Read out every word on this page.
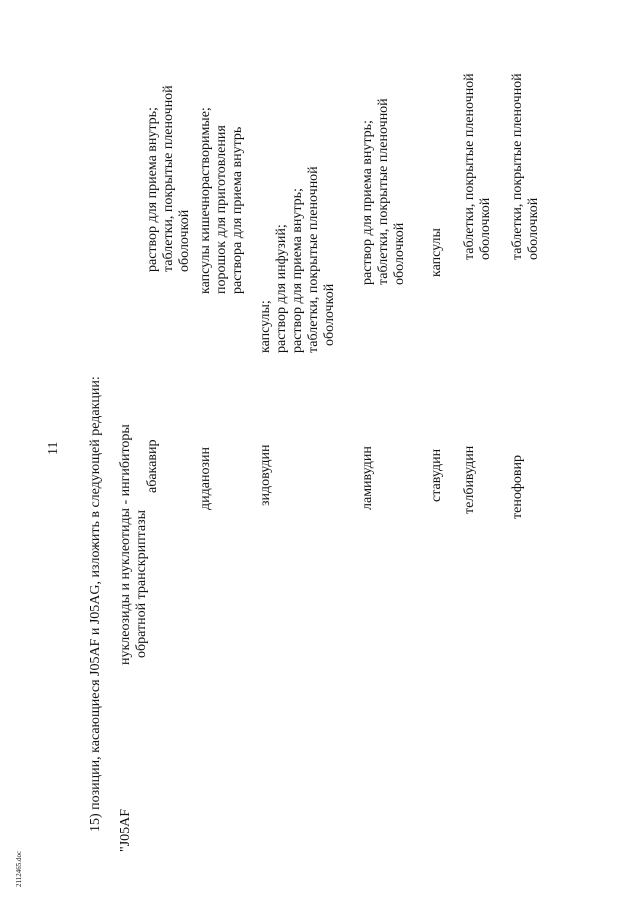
11 15) позиции, касающиеся J05AF и J05AG, изложить в следующей редакции: "J05AF
нуклеозиды и нуклеотиды - ингибиторы обратной транскриптазы
абакавир
раствор для приема внутрь; таблетки, покрытые пленочной оболочкой
диданозин
капсулы кишечнорастворимые; порошок для приготовления раствора для приема внутрь
зидовудин
капсулы; раствор для инфузий; раствор для приема внутрь; таблетки, покрытые пленочной оболочкой
ламивудин
раствор для приема внутрь; таблетки, покрытые пленочной оболочкой
ставудин
капсулы
телбивудин
таблетки, покрытые пленочной оболочкой
тенофовир
таблетки, покрытые пленочной оболочкой
2112465.doc
